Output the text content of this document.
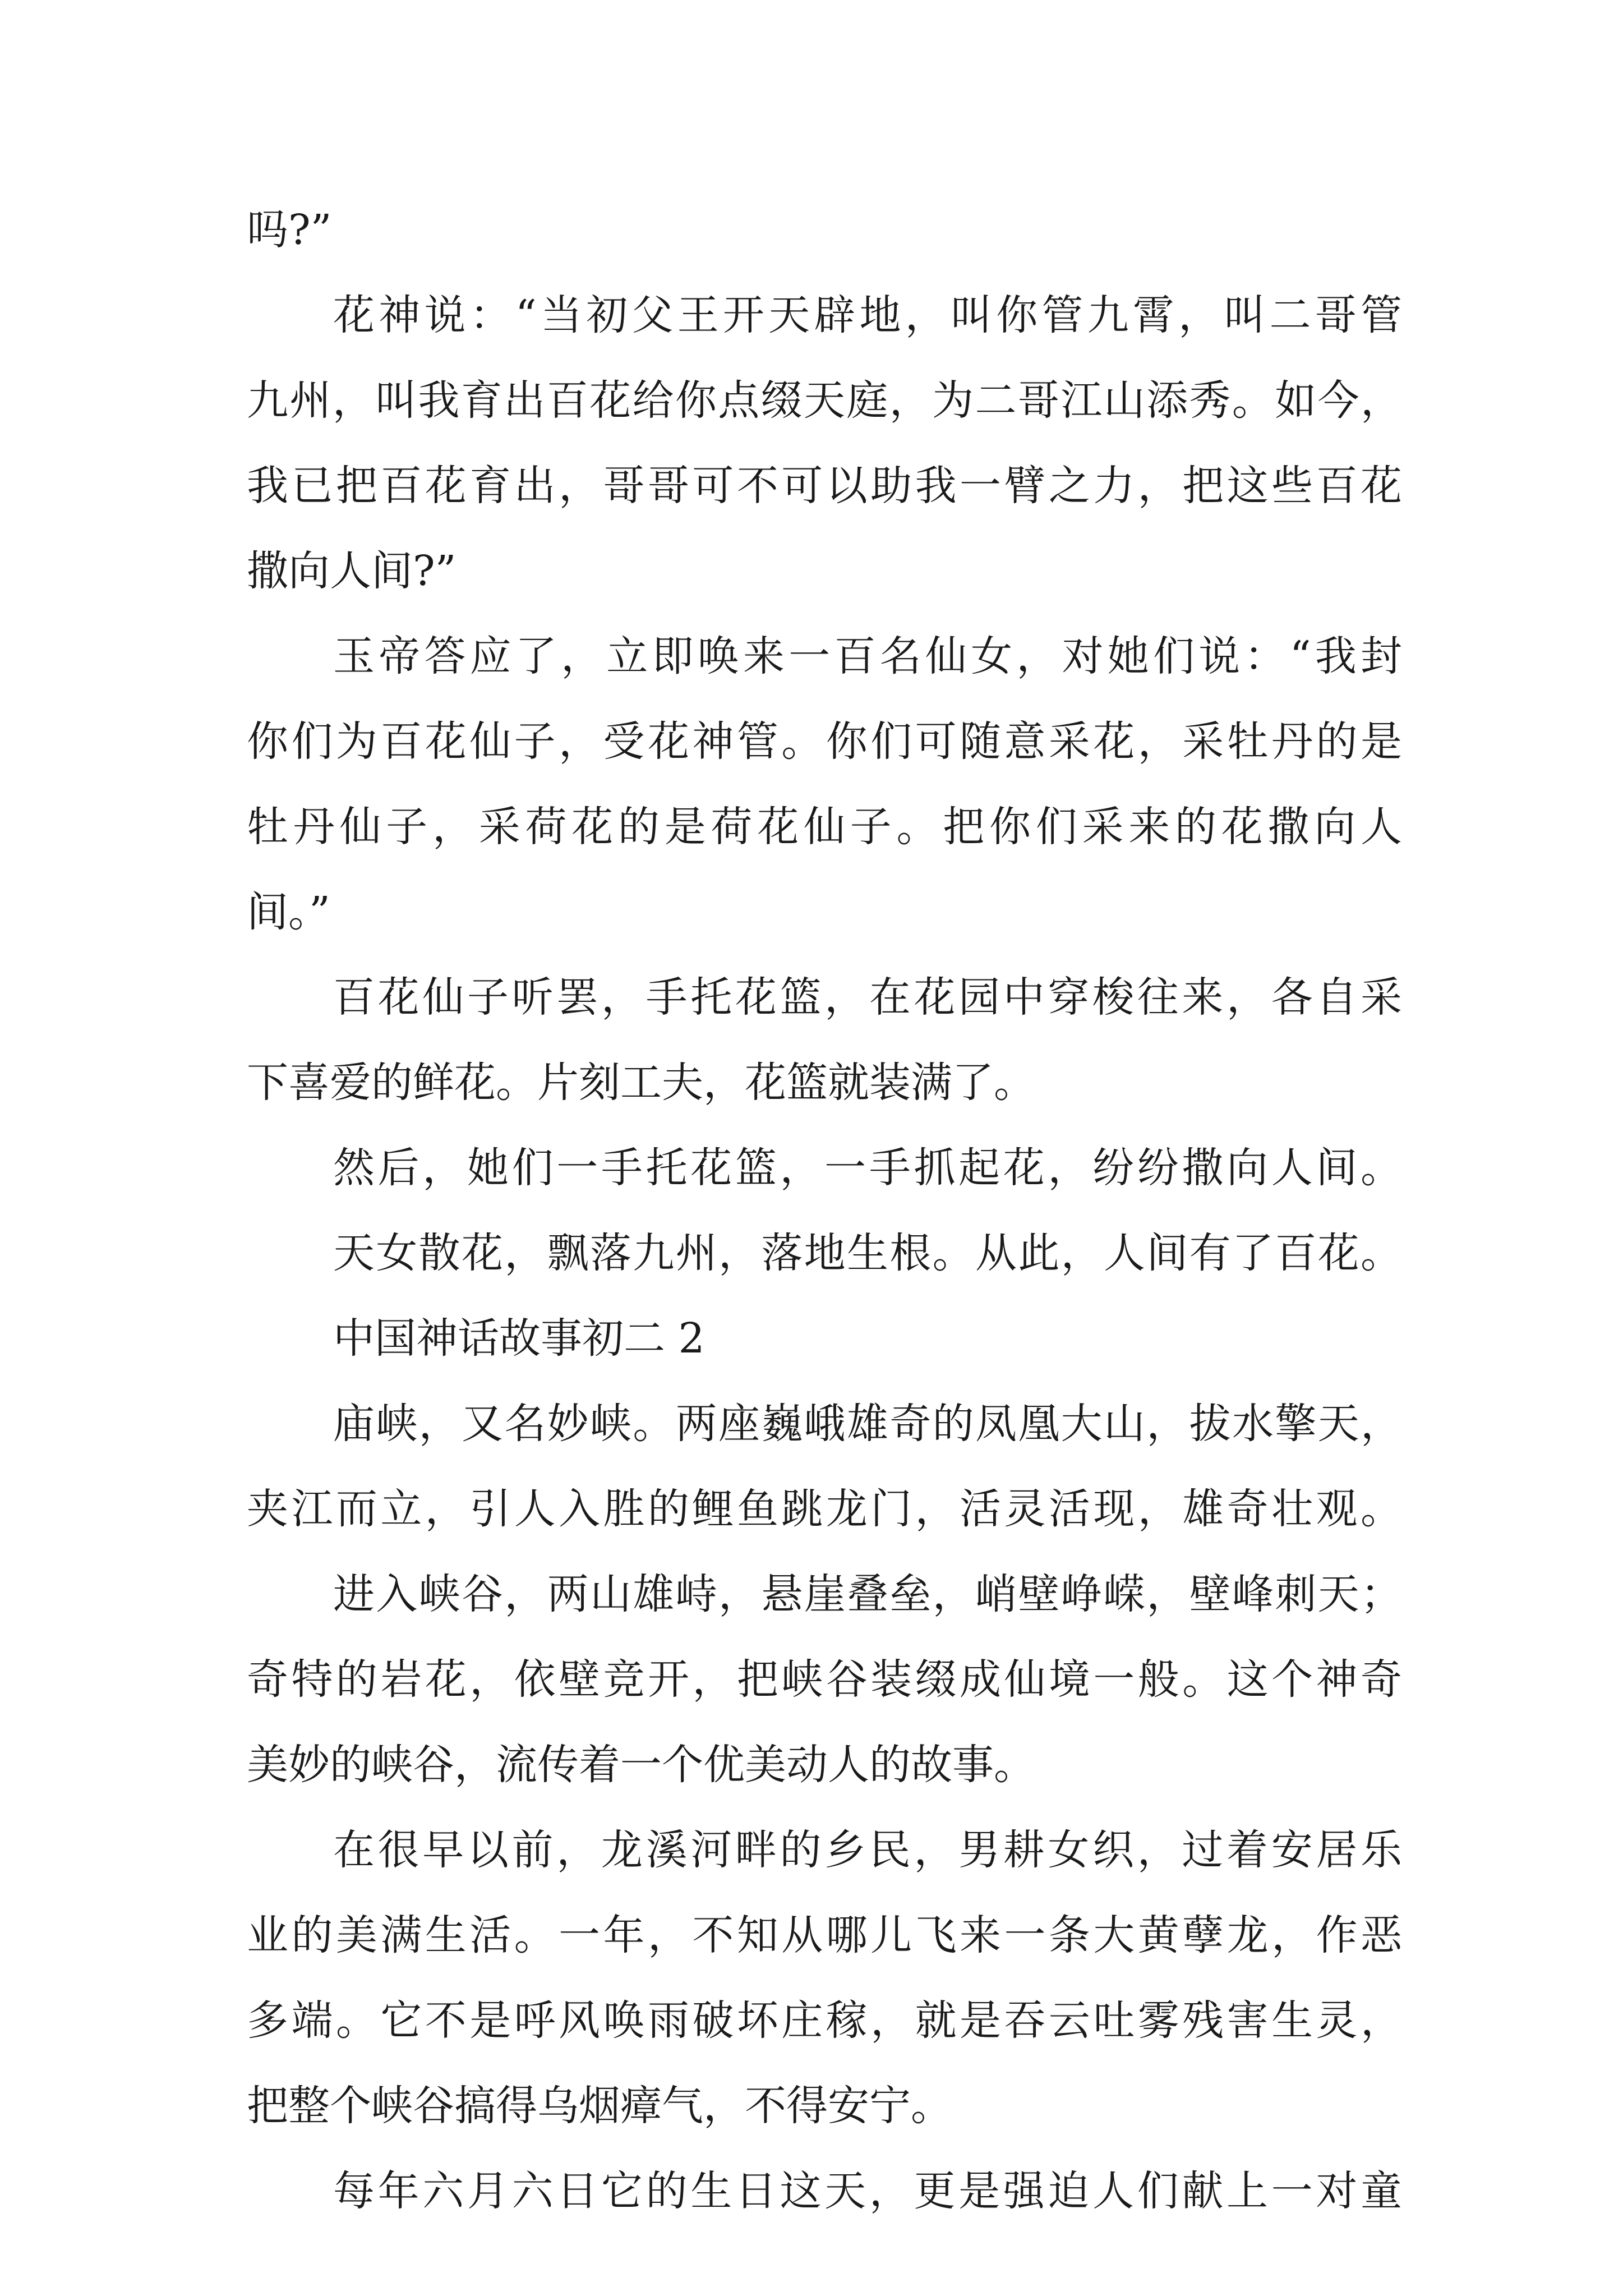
吗?”
花神说：“当初父王开天辟地，叫你管九霄，叫二哥管
九州，叫我育出百花给你点缀天庭，为二哥江山添秀。如今，
我已把百花育出，哥哥可不可以助我一臂之力，把这些百花
撒向人间?”
玉帝答应了，立即唤来一百名仙女，对她们说：“我封
你们为百花仙子，受花神管。你们可随意采花，采牡丹的是
牡丹仙子，采荷花的是荷花仙子。把你们采来的花撒向人
间。”
百花仙子听罢，手托花篮，在花园中穿梭往来，各自采
下喜爱的鲜花。片刻工夫，花篮就装满了。
然后，她们一手托花篮，一手抓起花，纷纷撒向人间。
天女散花，飘落九州，落地生根。从此，人间有了百花。
中国神话故事初二 2
庙峡，又名妙峡。两座巍峨雄奇的凤凰大山，拔水擎天，
夹江而立，引人入胜的鲤鱼跳龙门，活灵活现，雄奇壮观。
进入峡谷，两山雄峙，悬崖叠垒，峭壁峥嵘，壁峰刺天；
奇特的岩花，依壁竞开，把峡谷装缀成仙境一般。这个神奇
美妙的峡谷，流传着一个优美动人的故事。
在很早以前，龙溪河畔的乡民，男耕女织，过着安居乐
业的美满生活。一年，不知从哪儿飞来一条大黄孽龙，作恶
多端。它不是呼风唤雨破坏庄稼，就是吞云吐雾残害生灵，
把整个峡谷搞得乌烟瘴气，不得安宁。
每年六月六日它的生日这天，更是强迫人们献上一对童
